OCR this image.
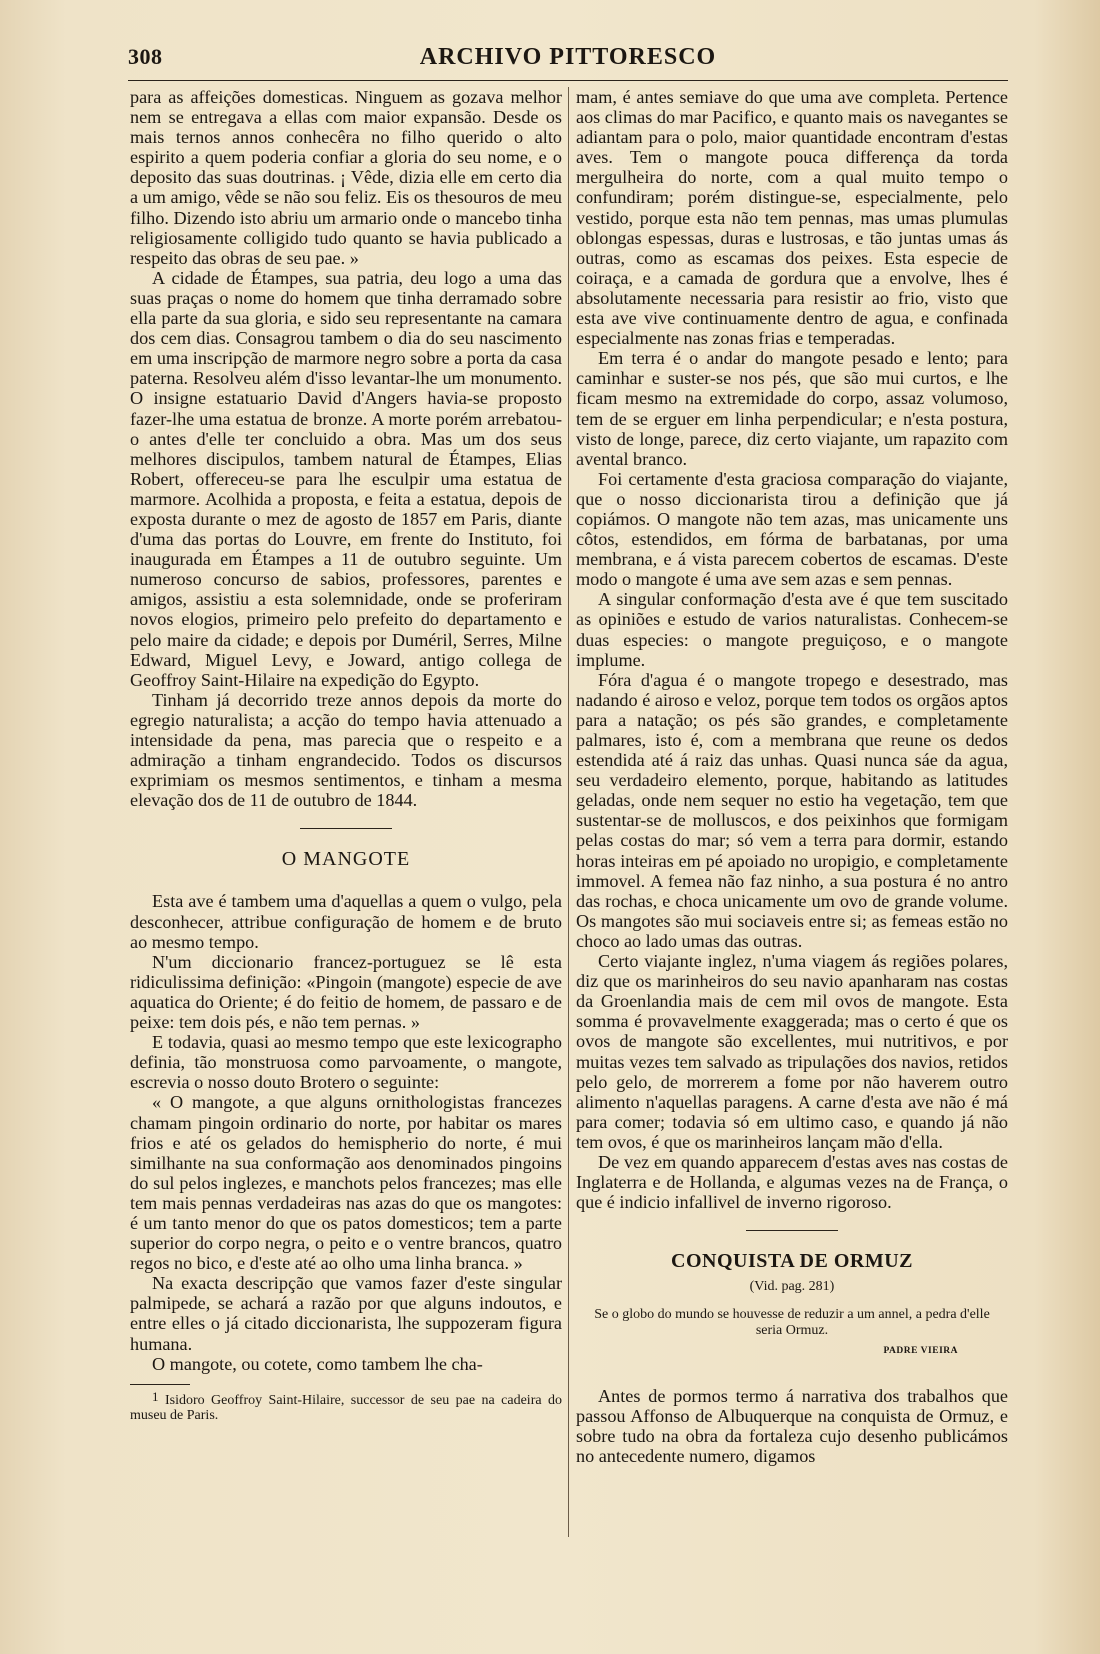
308	ARCHIVO PITTORESCO

para as affeições domesticas. Ninguem as gozava melhor nem se entregava a ellas com maior expansão. Desde os mais ternos annos conhecêra no filho querido o alto espirito a quem poderia confiar a gloria do seu nome, e o deposito das suas doutrinas. ¡ Vêde, dizia elle em certo dia a um amigo, vêde se não sou feliz. Eis os thesouros de meu filho. Dizendo isto abriu um armario onde o mancebo tinha religiosamente colligido tudo quanto se havia publicado a respeito das obras de seu pae. »

A cidade de Étampes, sua patria, deu logo a uma das suas praças o nome do homem que tinha derramado sobre ella parte da sua gloria, e sido seu representante na camara dos cem dias. Consagrou tambem o dia do seu nascimento em uma inscripção de marmore negro sobre a porta da casa paterna. Resolveu além d'isso levantar-lhe um monumento. O insigne estatuario David d'Angers havia-se proposto fazer-lhe uma estatua de bronze. A morte porém arrebatou-o antes d'elle ter concluido a obra. Mas um dos seus melhores discipulos, tambem natural de Étampes, Elias Robert, offereceu-se para lhe esculpir uma estatua de marmore. Acolhida a proposta, e feita a estatua, depois de exposta durante o mez de agosto de 1857 em Paris, diante d'uma das portas do Louvre, em frente do Instituto, foi inaugurada em Étampes a 11 de outubro seguinte. Um numeroso concurso de sabios, professores, parentes e amigos, assistiu a esta solemnidade, onde se proferiram novos elogios, primeiro pelo prefeito do departamento e pelo maire da cidade; e depois por Duméril, Serres, Milne Edward, Miguel Levy, e Joward, antigo collega de Geoffroy Saint-Hilaire na expedição do Egypto.

Tinham já decorrido treze annos depois da morte do egregio naturalista; a acção do tempo havia attenuado a intensidade da pena, mas parecia que o respeito e a admiração a tinham engrandecido. Todos os discursos exprimiam os mesmos sentimentos, e tinham a mesma elevação dos de 11 de outubro de 1844.

O MANGOTE

Esta ave é tambem uma d'aquellas a quem o vulgo, pela desconhecer, attribue configuração de homem e de bruto ao mesmo tempo.

N'um diccionario francez-portuguez se lê esta ridiculissima definição: «Pingoin (mangote) especie de ave aquatica do Oriente; é do feitio de homem, de passaro e de peixe: tem dois pés, e não tem pernas. »

E todavia, quasi ao mesmo tempo que este lexicographo definia, tão monstruosa como parvoamente, o mangote, escrevia o nosso douto Brotero o seguinte:

« O mangote, a que alguns ornithologistas francezes chamam pingoin ordinario do norte, por habitar os mares frios e até os gelados do hemispherio do norte, é mui similhante na sua conformação aos denominados pingoins do sul pelos inglezes, e manchots pelos francezes; mas elle tem mais pennas verdadeiras nas azas do que os mangotes: é um tanto menor do que os patos domesticos; tem a parte superior do corpo negra, o peito e o ventre brancos, quatro regos no bico, e d'este até ao olho uma linha branca. »

Na exacta descripção que vamos fazer d'este singular palmipede, se achará a razão por que alguns indoutos, e entre elles o já citado diccionarista, lhe suppozeram figura humana.

O mangote, ou cotete, como tambem lhe cha-

1 Isidoro Geoffroy Saint-Hilaire, successor de seu pae na cadeira do museu de Paris.

mam, é antes semiave do que uma ave completa. Pertence aos climas do mar Pacifico, e quanto mais os navegantes se adiantam para o polo, maior quantidade encontram d'estas aves. Tem o mangote pouca differença da torda mergulheira do norte, com a qual muito tempo o confundiram; porém distingue-se, especialmente, pelo vestido, porque esta não tem pennas, mas umas plumulas oblongas espessas, duras e lustrosas, e tão juntas umas ás outras, como as escamas dos peixes. Esta especie de coiraça, e a camada de gordura que a envolve, lhes é absolutamente necessaria para resistir ao frio, visto que esta ave vive continuamente dentro de agua, e confinada especialmente nas zonas frias e temperadas.

Em terra é o andar do mangote pesado e lento; para caminhar e suster-se nos pés, que são mui curtos, e lhe ficam mesmo na extremidade do corpo, assaz volumoso, tem de se erguer em linha perpendicular; e n'esta postura, visto de longe, parece, diz certo viajante, um rapazito com avental branco.

Foi certamente d'esta graciosa comparação do viajante, que o nosso diccionarista tirou a definição que já copiámos. O mangote não tem azas, mas unicamente uns côtos, estendidos, em fórma de barbatanas, por uma membrana, e á vista parecem cobertos de escamas. D'este modo o mangote é uma ave sem azas e sem pennas.

A singular conformação d'esta ave é que tem suscitado as opiniões e estudo de varios naturalistas. Conhecem-se duas especies: o mangote preguiçoso, e o mangote implume.

Fóra d'agua é o mangote tropego e desestrado, mas nadando é airoso e veloz, porque tem todos os orgãos aptos para a natação; os pés são grandes, e completamente palmares, isto é, com a membrana que reune os dedos estendida até á raiz das unhas. Quasi nunca sáe da agua, seu verdadeiro elemento, porque, habitando as latitudes geladas, onde nem sequer no estio ha vegetação, tem que sustentar-se de molluscos, e dos peixinhos que formigam pelas costas do mar; só vem a terra para dormir, estando horas inteiras em pé apoiado no uropigio, e completamente immovel. A femea não faz ninho, a sua postura é no antro das rochas, e choca unicamente um ovo de grande volume. Os mangotes são mui sociaveis entre si; as femeas estão no choco ao lado umas das outras.

Certo viajante inglez, n'uma viagem ás regiões polares, diz que os marinheiros do seu navio apanharam nas costas da Groenlandia mais de cem mil ovos de mangote. Esta somma é provavelmente exaggerada; mas o certo é que os ovos de mangote são excellentes, mui nutritivos, e por muitas vezes tem salvado as tripulações dos navios, retidos pelo gelo, de morrerem a fome por não haverem outro alimento n'aquellas paragens. A carne d'esta ave não é má para comer; todavia só em ultimo caso, e quando já não tem ovos, é que os marinheiros lançam mão d'ella.

De vez em quando apparecem d'estas aves nas costas de Inglaterra e de Hollanda, e algumas vezes na de França, o que é indicio infallivel de inverno rigoroso.

CONQUISTA DE ORMUZ
(Vid. pag. 281)
Se o globo do mundo se houvesse de reduzir a um annel, a pedra d'elle seria Ormuz.
PADRE VIEIRA

Antes de pormos termo á narrativa dos trabalhos que passou Affonso de Albuquerque na conquista de Ormuz, e sobre tudo na obra da fortaleza cujo desenho publicámos no antecedente numero, digamos
